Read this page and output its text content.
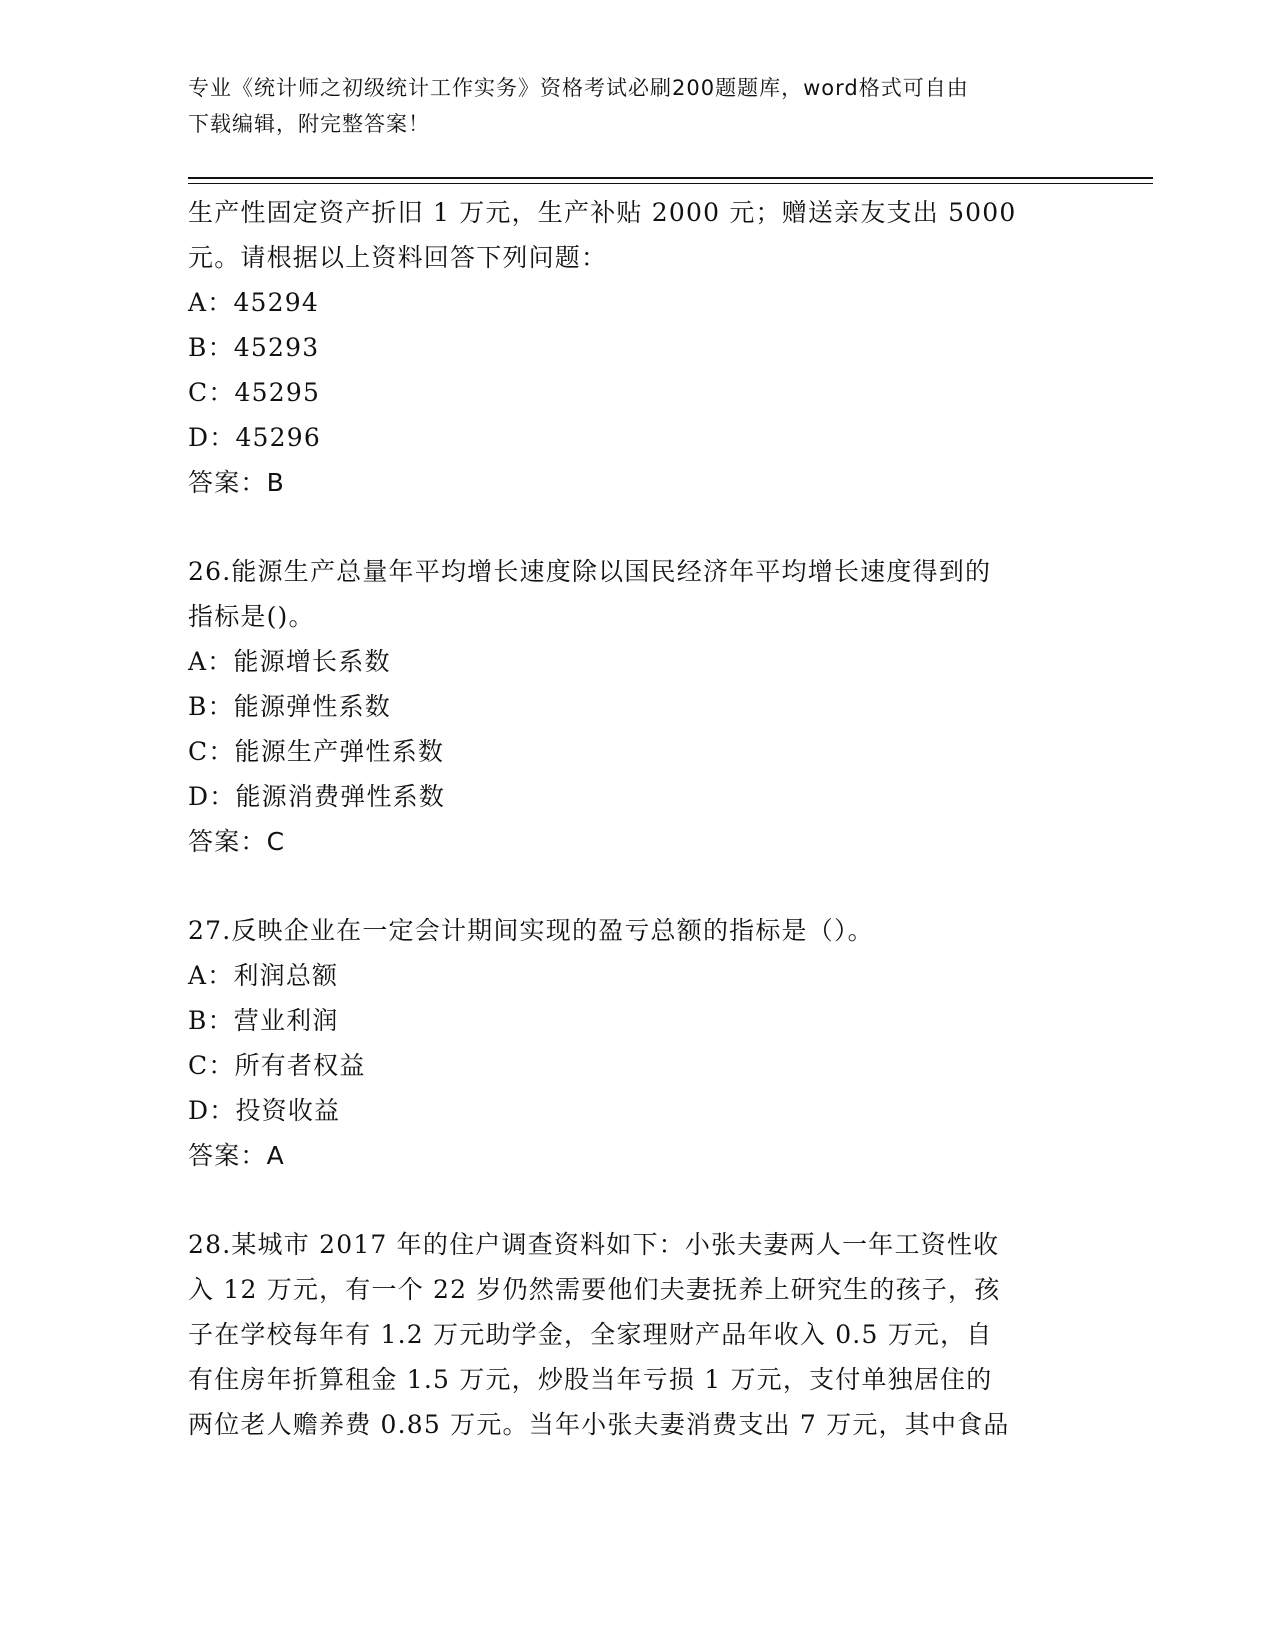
专业《统计师之初级统计工作实务》资格考试必刷200题题库，word格式可自由
下载编辑，附完整答案！
生产性固定资产折旧 1 万元，生产补贴 2000 元；赠送亲友支出 5000
元。请根据以上资料回答下列问题：
A：45294
B：45293
C：45295
D：45296
答案：B
26.能源生产总量年平均增长速度除以国民经济年平均增长速度得到的
指标是()。
A：能源增长系数
B：能源弹性系数
C：能源生产弹性系数
D：能源消费弹性系数
答案：C
27.反映企业在一定会计期间实现的盈亏总额的指标是（）。
A：利润总额
B：营业利润
C：所有者权益
D：投资收益
答案：A
28.某城市 2017 年的住户调查资料如下：小张夫妻两人一年工资性收
入 12 万元，有一个 22 岁仍然需要他们夫妻抚养上研究生的孩子，孩
子在学校每年有 1.2 万元助学金，全家理财产品年收入 0.5 万元，自
有住房年折算租金 1.5 万元，炒股当年亏损 1 万元，支付单独居住的
两位老人赡养费 0.85 万元。当年小张夫妻消费支出 7 万元，其中食品
